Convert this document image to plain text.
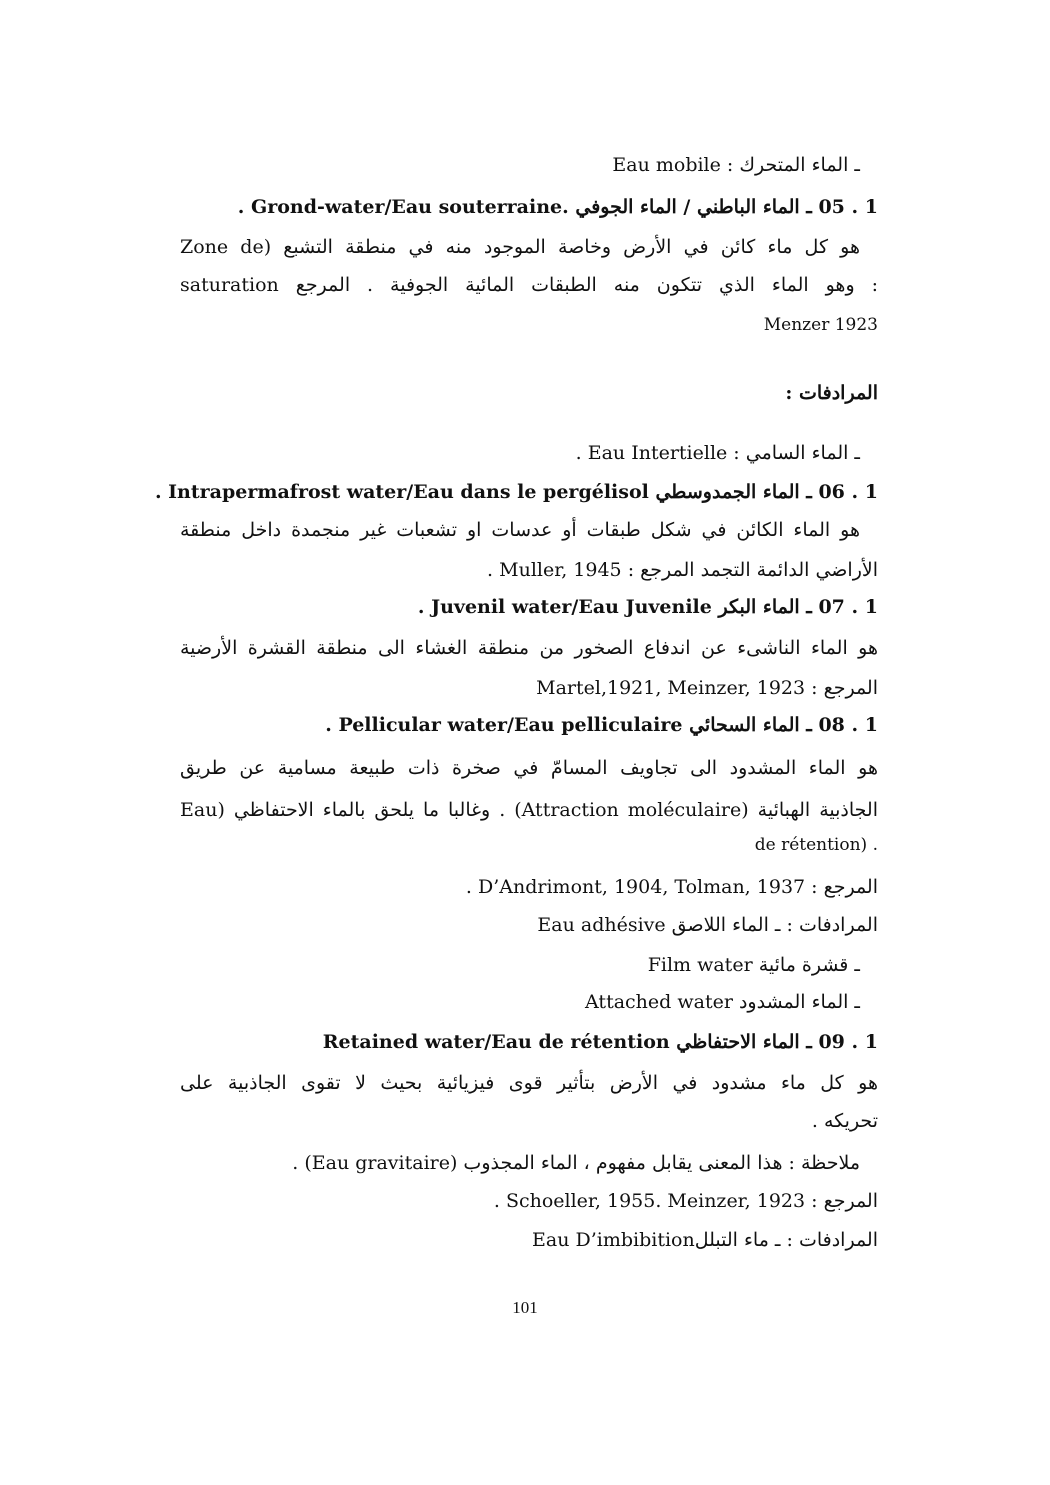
ـ الماء المتحرك : Eau mobile
1 . 05 ـ الماء الباطني / الماء الجوفي .Grond-water/Eau souterraine .
هو كل ماء كائن في الأرض وخاصة الموجود منه في منطقة التشبع (Zone de
saturation وهو الماء الذي تتكون منه الطبقات المائية الجوفية . المرجع :
Menzer 1923
المرادفات :
ـ الماء السامي : Eau Intertielle .
1 . 06 ـ الماء الجمدوسطي Intrapermafrost water/Eau dans le pergélisol .
هو الماء الكائن في شكل طبقات أو عدسات او تشعبات غير منجمدة داخل منطقة
الأراضي الدائمة التجمد المرجع : Muller, 1945 .
1 . 07 ـ الماء البكر Juvenil water/Eau Juvenile .
هو الماء الناشىء عن اندفاع الصخور من منطقة الغشاء الى منطقة القشرة الأرضية
المرجع : Martel,1921, Meinzer, 1923
1 . 08 ـ الماء السحائي Pellicular water/Eau pelliculaire .
هو الماء المشدود الى تجاويف المسامّ في صخرة ذات طبيعة مسامية عن طريق
الجاذبية الهبائية (Attraction moléculaire) . وغالبا ما يلحق بالماء الاحتفاظي (Eau
de rétention) .
المرجع : D’Andrimont, 1904, Tolman, 1937 .
المرادفات : ـ الماء اللاصق Eau adhésive
ـ قشرة مائية Film water
ـ الماء المشدود Attached water
1 . 09 ـ الماء الاحتفاظي Retained water/Eau de rétention
هو كل ماء مشدود في الأرض بتأثير قوى فيزيائية بحيث لا تقوى الجاذبية على
تحريكه .
ملاحظة : هذا المعنى يقابل مفهوم ، الماء المجذوب (Eau gravitaire) .
المرجع : Schoeller, 1955. Meinzer, 1923 .
المرادفات : ـ ماء التبللEau D’imbibition
101
